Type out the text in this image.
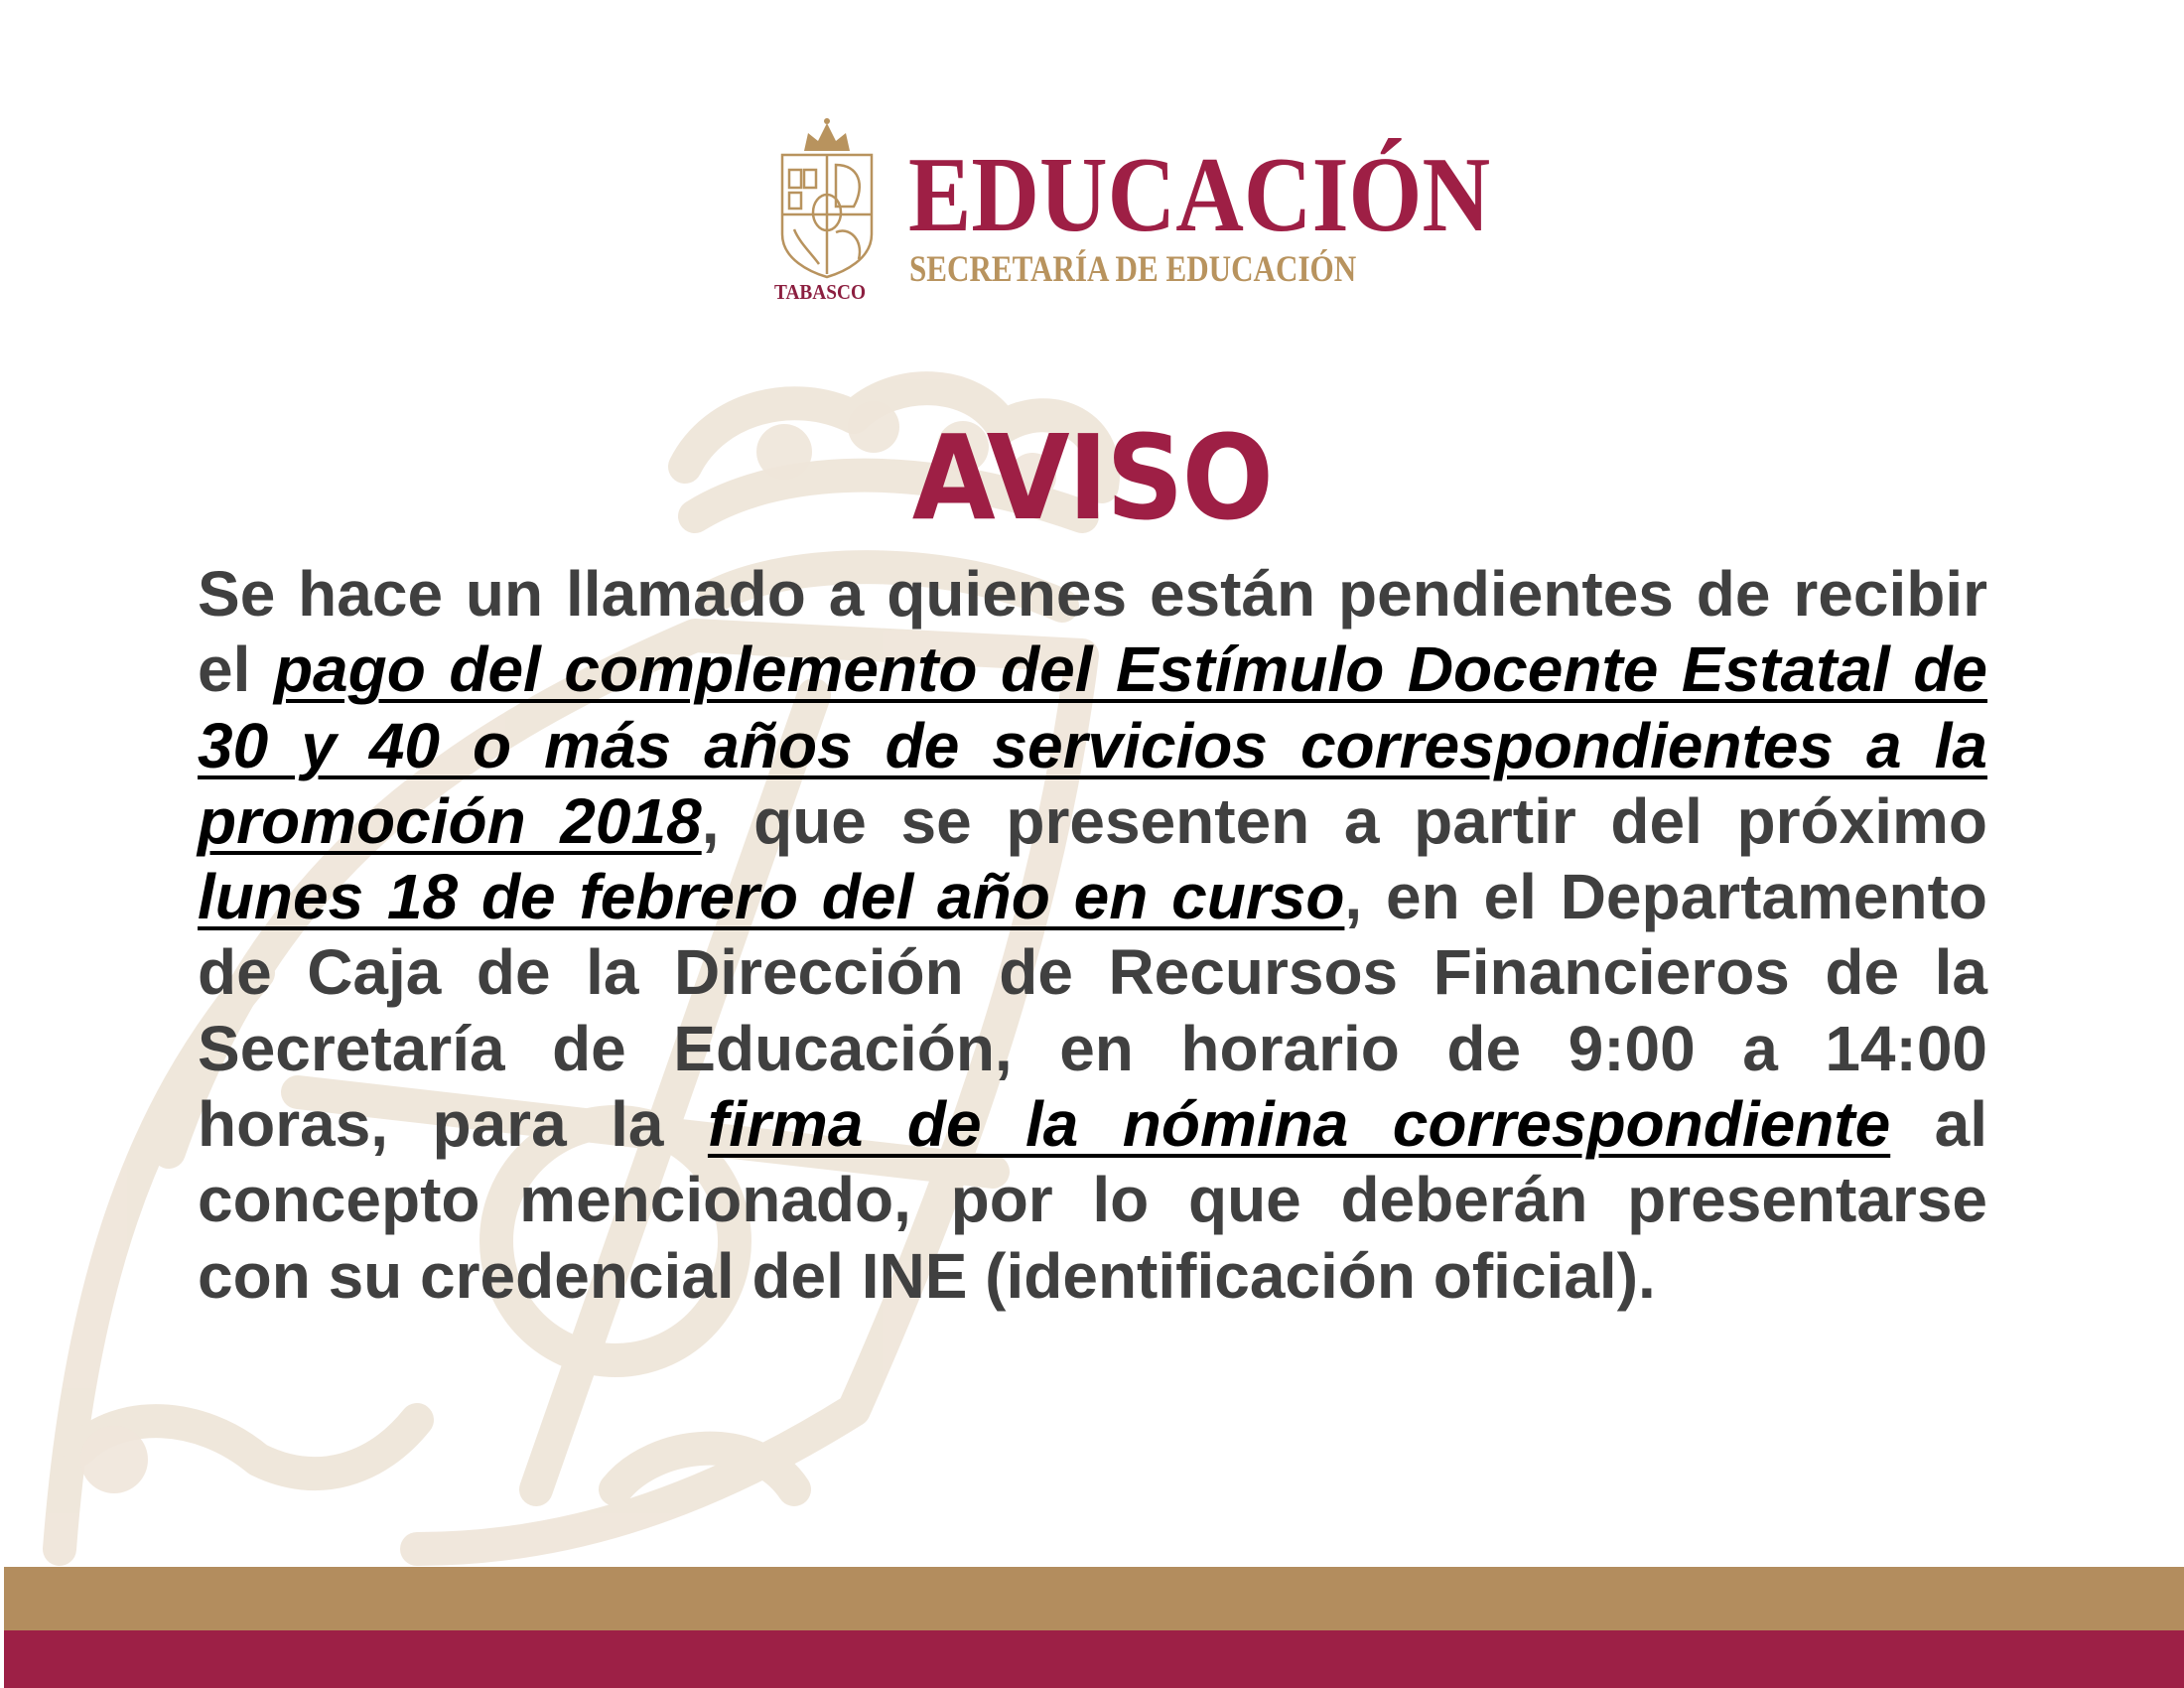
TABASCO
EDUCACIÓN
SECRETARÍA DE EDUCACIÓN
AVISO
Se hace un llamado a quienes están pendientes de recibir
el pago del complemento del Estímulo Docente Estatal de
30 y 40 o más años de servicios correspondientes a la
promoción 2018, que se presenten a partir del próximo
lunes 18 de febrero del año en curso, en el Departamento
de Caja de la Dirección de Recursos Financieros de la
Secretaría de Educación, en horario de 9:00 a 14:00
horas, para la firma de la nómina correspondiente al
concepto mencionado, por lo que deberán presentarse
con su credencial del INE (identificación oficial).
